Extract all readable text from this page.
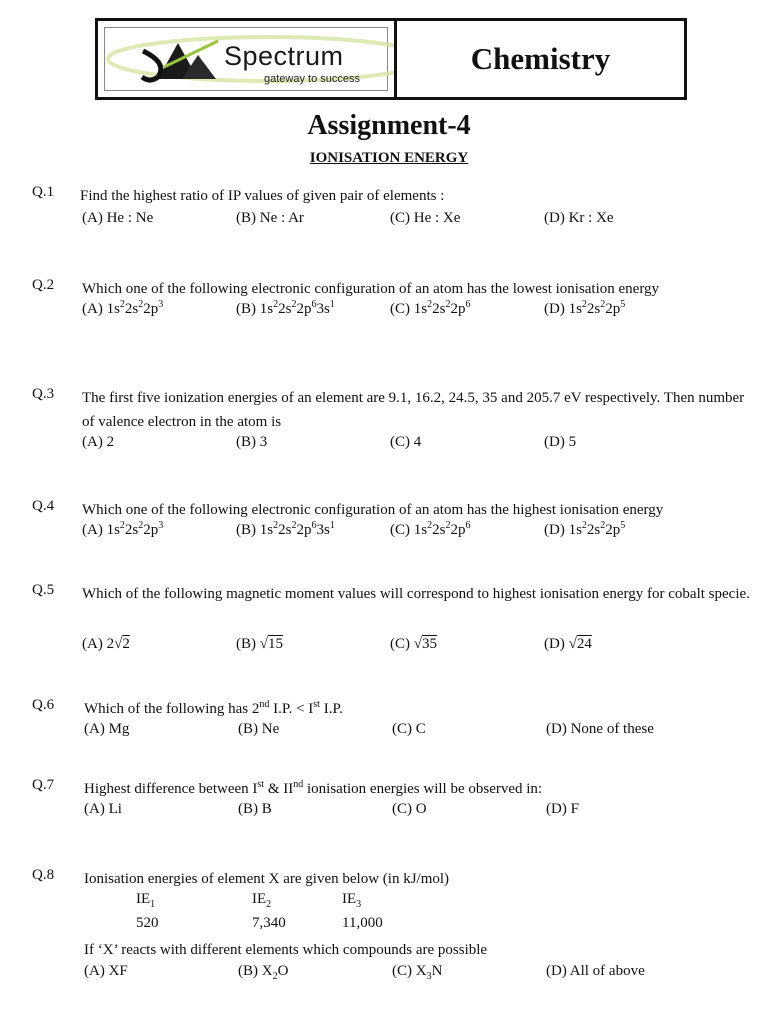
Spectrum
gateway to success
Chemistry
Assignment-4
IONISATION ENERGY
Q.1 Find the highest ratio of IP values of given pair of elements :
(A) He : Ne	(B) Ne : Ar	(C) He : Xe	(D) Kr : Xe
Q.2 Which one of the following electronic configuration of an atom has the lowest ionisation energy
(A) $1s^22s^22p^3$	(B) $1s^22s^22p^63s^1$	(C) $1s^22s^22p^6$	(D) $1s^22s^22p^5$
Q.3 The first five ionization energies of an element are 9.1, 16.2, 24.5, 35 and 205.7 eV respectively. Then number of valence electron in the atom is
(A) 2	(B) 3	(C) 4	(D) 5
Q.4 Which one of the following electronic configuration of an atom has the highest ionisation energy
(A) $1s^22s^22p^3$	(B) $1s^22s^22p^63s^1$	(C) $1s^22s^22p^6$	(D) $1s^22s^22p^5$
Q.5 Which of the following magnetic moment values will correspond to highest ionisation energy for cobalt specie.
(A) 2√2	(B) √15	(C) √35	(D) √24
Q.6 Which of the following has 2nd I.P. < Ist I.P.
(A) Mg	(B) Ne	(C) C	(D) None of these
Q.7 Highest difference between Ist & IInd ionisation energies will be observed in:
(A) Li	(B) B	(C) O	(D) F
Q.8 Ionisation energies of element X are given below (in kJ/mol)
$IE_1$	$IE_2$	$IE_3$
520	7,340	11,000
If ‘X’ reacts with different elements which compounds are possible
(A) XF	(B) $X_2O$	(C) $X_3N$	(D) All of above
